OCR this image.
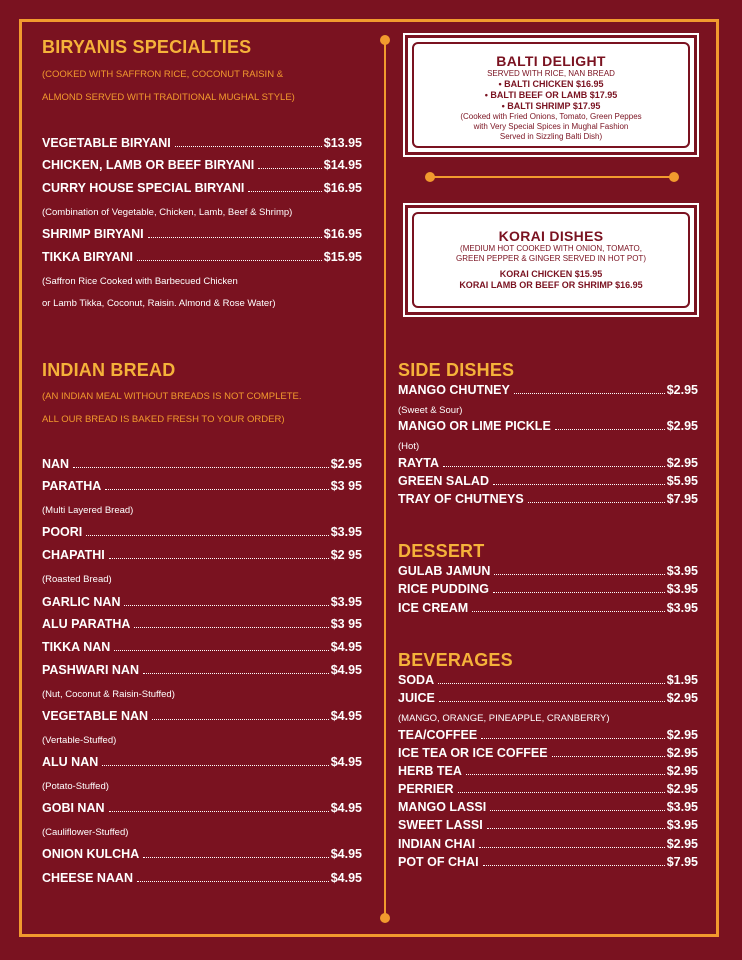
BIRYANIS SPECIALTIES
(COOKED WITH SAFFRON RICE, COCONUT RAISIN &
ALMOND SERVED WITH TRADITIONAL MUGHAL STYLE)
VEGETABLE BIRYANI	$13.95
CHICKEN, LAMB OR BEEF BIRYANI	$14.95
CURRY HOUSE SPECIAL BIRYANI	$16.95
(Combination of Vegetable, Chicken, Lamb, Beef & Shrimp)
SHRIMP BIRYANI	$16.95
TIKKA BIRYANI	$15.95
(Saffron Rice Cooked with Barbecued Chicken
or Lamb Tikka, Coconut, Raisin. Almond & Rose Water)
INDIAN BREAD
(AN INDIAN MEAL WITHOUT BREADS IS NOT COMPLETE.
ALL OUR BREAD IS BAKED FRESH TO YOUR ORDER)
NAN	$2.95
PARATHA	$3 95
(Multi Layered Bread)
POORI	$3.95
CHAPATHI	$2 95
(Roasted Bread)
GARLIC NAN	$3.95
ALU PARATHA	$3 95
TIKKA NAN	$4.95
PASHWARI NAN	$4.95
(Nut, Coconut & Raisin-Stuffed)
VEGETABLE NAN	$4.95
(Vertable-Stuffed)
ALU NAN	$4.95
(Potato-Stuffed)
GOBI NAN	$4.95
(Cauliflower-Stuffed)
ONION KULCHA	$4.95
CHEESE NAAN	$4.95
BALTI DELIGHT
SERVED WITH RICE, NAN BREAD
• BALTI CHICKEN $16.95
• BALTI BEEF OR LAMB $17.95
• BALTI SHRIMP $17.95
(Cooked with Fried Onions, Tomato, Green Peppes
with Very Special Spices in Mughal Fashion
Served in Sizzling Balti Dish)
KORAI DISHES
(MEDIUM HOT COOKED WITH ONION, TOMATO,
GREEN PEPPER & GINGER SERVED IN HOT POT)
KORAI CHICKEN $15.95
KORAI LAMB OR BEEF OR SHRIMP $16.95
SIDE DISHES
MANGO CHUTNEY	$2.95
(Sweet & Sour)
MANGO OR LIME PICKLE	$2.95
(Hot)
RAYTA	$2.95
GREEN SALAD	$5.95
TRAY OF CHUTNEYS	$7.95
DESSERT
GULAB JAMUN	$3.95
RICE PUDDING	$3.95
ICE CREAM	$3.95
BEVERAGES
SODA	$1.95
JUICE	$2.95
(MANGO, ORANGE, PINEAPPLE, CRANBERRY)
TEA/COFFEE	$2.95
ICE TEA OR ICE COFFEE	$2.95
HERB TEA	$2.95
PERRIER	$2.95
MANGO LASSI	$3.95
SWEET LASSI	$3.95
INDIAN CHAI	$2.95
POT OF CHAI	$7.95
